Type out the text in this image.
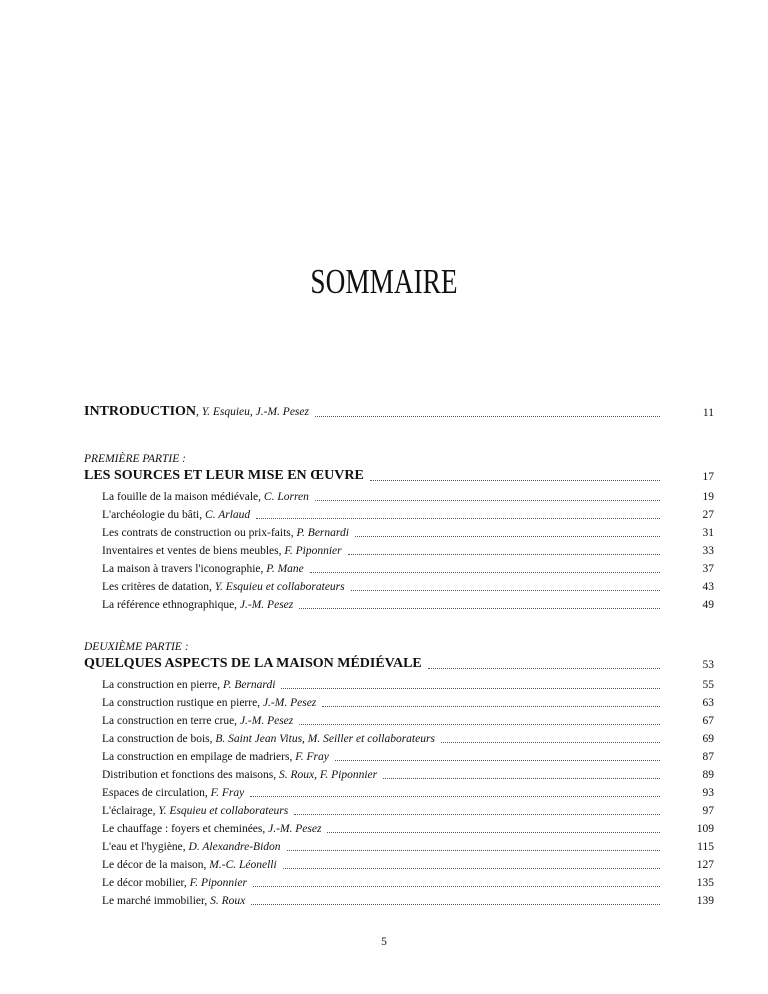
SOMMAIRE
INTRODUCTION, Y. Esquieu, J.-M. Pesez	11
PREMIÈRE PARTIE :
LES SOURCES ET LEUR MISE EN ŒUVRE	17
La fouille de la maison médiévale, C. Lorren	19
L'archéologie du bâti, C. Arlaud	27
Les contrats de construction ou prix-faits, P. Bernardi	31
Inventaires et ventes de biens meubles, F. Piponnier	33
La maison à travers l'iconographie, P. Mane	37
Les critères de datation, Y. Esquieu et collaborateurs	43
La référence ethnographique, J.-M. Pesez	49
DEUXIÈME PARTIE :
QUELQUES ASPECTS DE LA MAISON MÉDIÉVALE	53
La construction en pierre, P. Bernardi	55
La construction rustique en pierre, J.-M. Pesez	63
La construction en terre crue, J.-M. Pesez	67
La construction de bois, B. Saint Jean Vitus, M. Seiller et collaborateurs	69
La construction en empilage de madriers, F. Fray	87
Distribution et fonctions des maisons, S. Roux, F. Piponnier	89
Espaces de circulation, F. Fray	93
L'éclairage, Y. Esquieu et collaborateurs	97
Le chauffage : foyers et cheminées, J.-M. Pesez	109
L'eau et l'hygiène, D. Alexandre-Bidon	115
Le décor de la maison, M.-C. Léonelli	127
Le décor mobilier, F. Piponnier	135
Le marché immobilier, S. Roux	139
5
